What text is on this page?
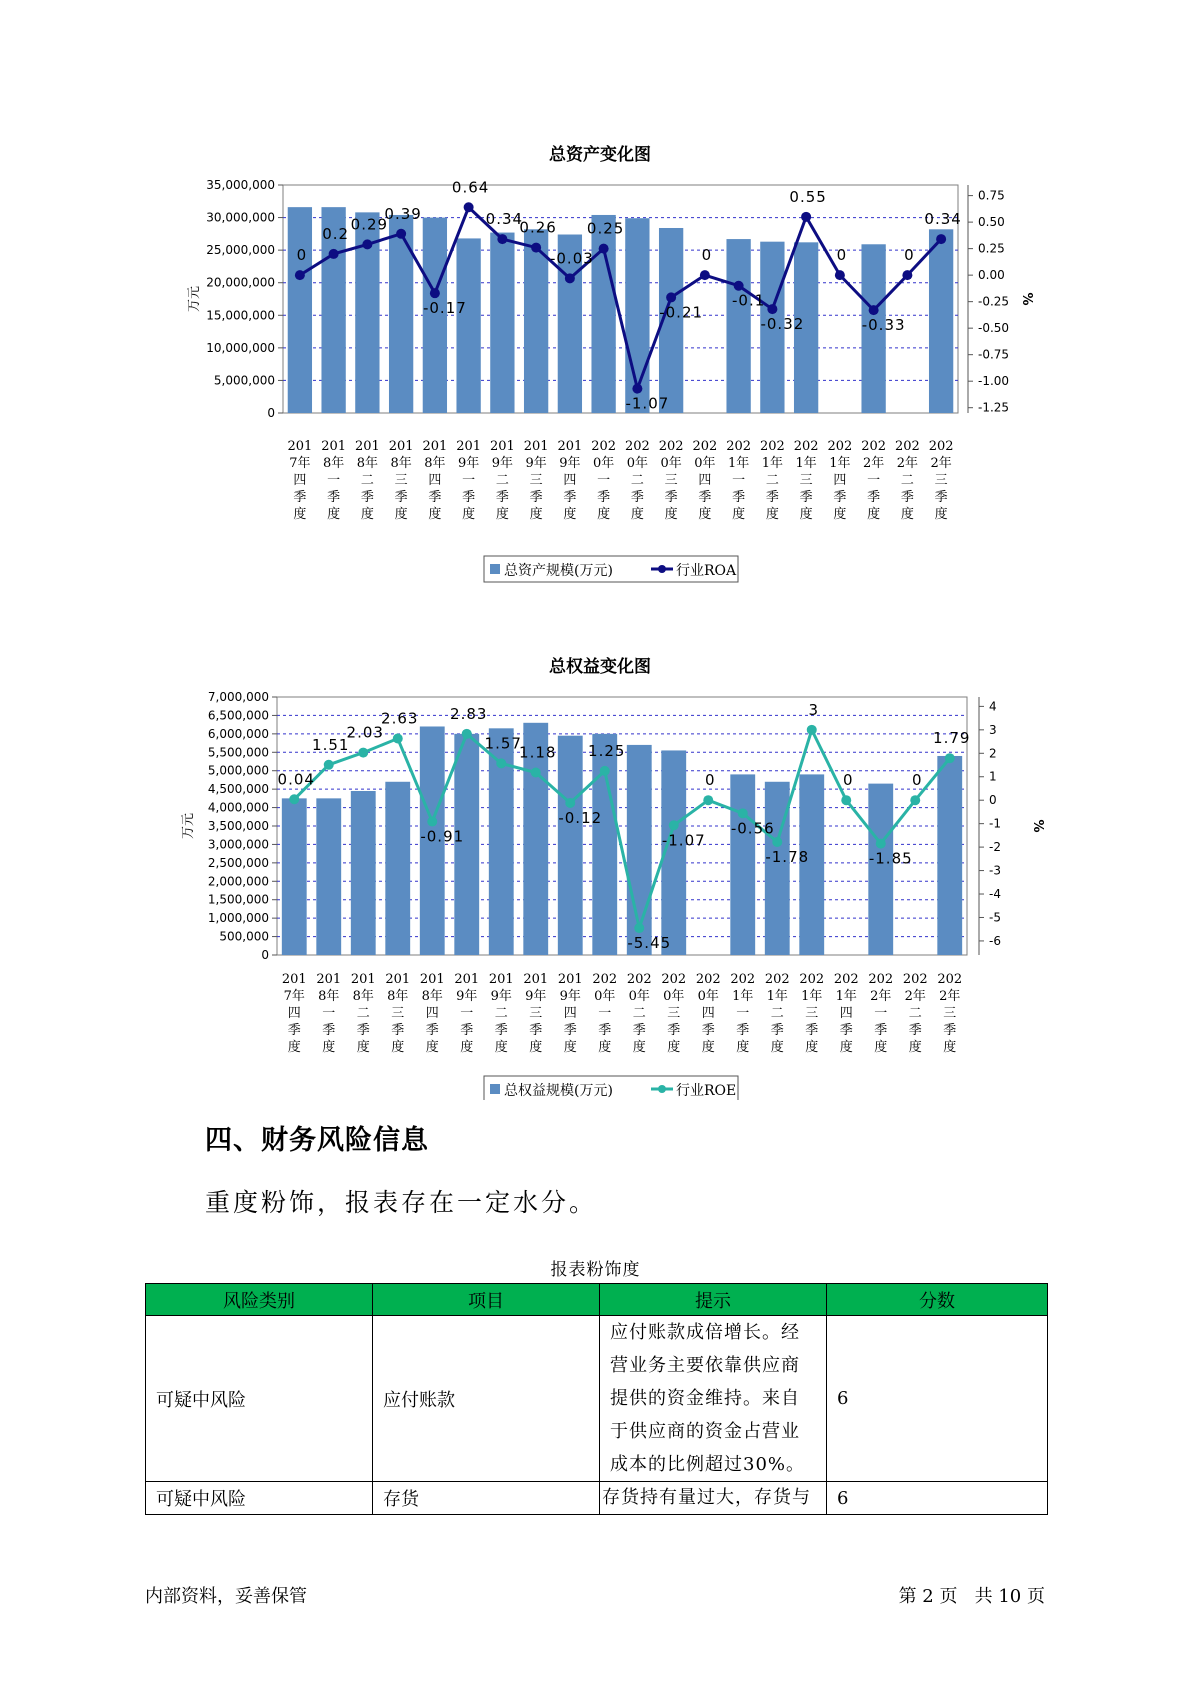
总资产变化图
0
5,000,000
10,000,000
15,000,000
20,000,000
25,000,000
30,000,000
35,000,000
万元
-1.25
-1.00
-0.75
-0.50
-0.25
0.00
0.25
0.50
0.75
%
0
0.2
0.29
0.39
-0.17
0.64
0.34
0.26
-0.03
0.25
-1.07
-0.21
0
-0.1
-0.32
0.55
0
-0.33
0
0.34
201
7年
四
季
度
201
8年
一
季
度
201
8年
二
季
度
201
8年
三
季
度
201
8年
四
季
度
201
9年
一
季
度
201
9年
二
季
度
201
9年
三
季
度
201
9年
四
季
度
202
0年
一
季
度
202
0年
二
季
度
202
0年
三
季
度
202
0年
四
季
度
202
1年
一
季
度
202
1年
二
季
度
202
1年
三
季
度
202
1年
四
季
度
202
2年
一
季
度
202
2年
二
季
度
202
2年
三
季
度
总资产规模(万元)	行业ROA
总权益变化图
0
500,000
1,000,000
1,500,000
2,000,000
2,500,000
3,000,000
3,500,000
4,000,000
4,500,000
5,000,000
5,500,000
6,000,000
6,500,000
7,000,000
万元
-6
-5
-4
-3
-2
-1
0
1
2
3
4
%
0.04
1.51
2.03
2.63
-0.91
2.83
1.57
1.18
-0.12
1.25
-5.45
-1.07
0
-0.56
-1.78
3
0
-1.85
0
1.79
201
7年
四
季
度
201
8年
一
季
度
201
8年
二
季
度
201
8年
三
季
度
201
8年
四
季
度
201
9年
一
季
度
201
9年
二
季
度
201
9年
三
季
度
201
9年
四
季
度
202
0年
一
季
度
202
0年
二
季
度
202
0年
三
季
度
202
0年
四
季
度
202
1年
一
季
度
202
1年
二
季
度
202
1年
三
季
度
202
1年
四
季
度
202
2年
一
季
度
202
2年
二
季
度
202
2年
三
季
度
总权益规模(万元)	行业ROE
四、财务风险信息
重度粉饰，报表存在一定水分。
报表粉饰度
风险类别	项目	提示	分数
可疑中风险	应付账款	应付账款成倍增长。经营业务主要依靠供应商提供的资金维持。来自于供应商的资金占营业成本的比例超过30%。	6
可疑中风险	存货	存货持有量过大，存货与	6
内部资料，妥善保管	第 2 页   共 10 页
